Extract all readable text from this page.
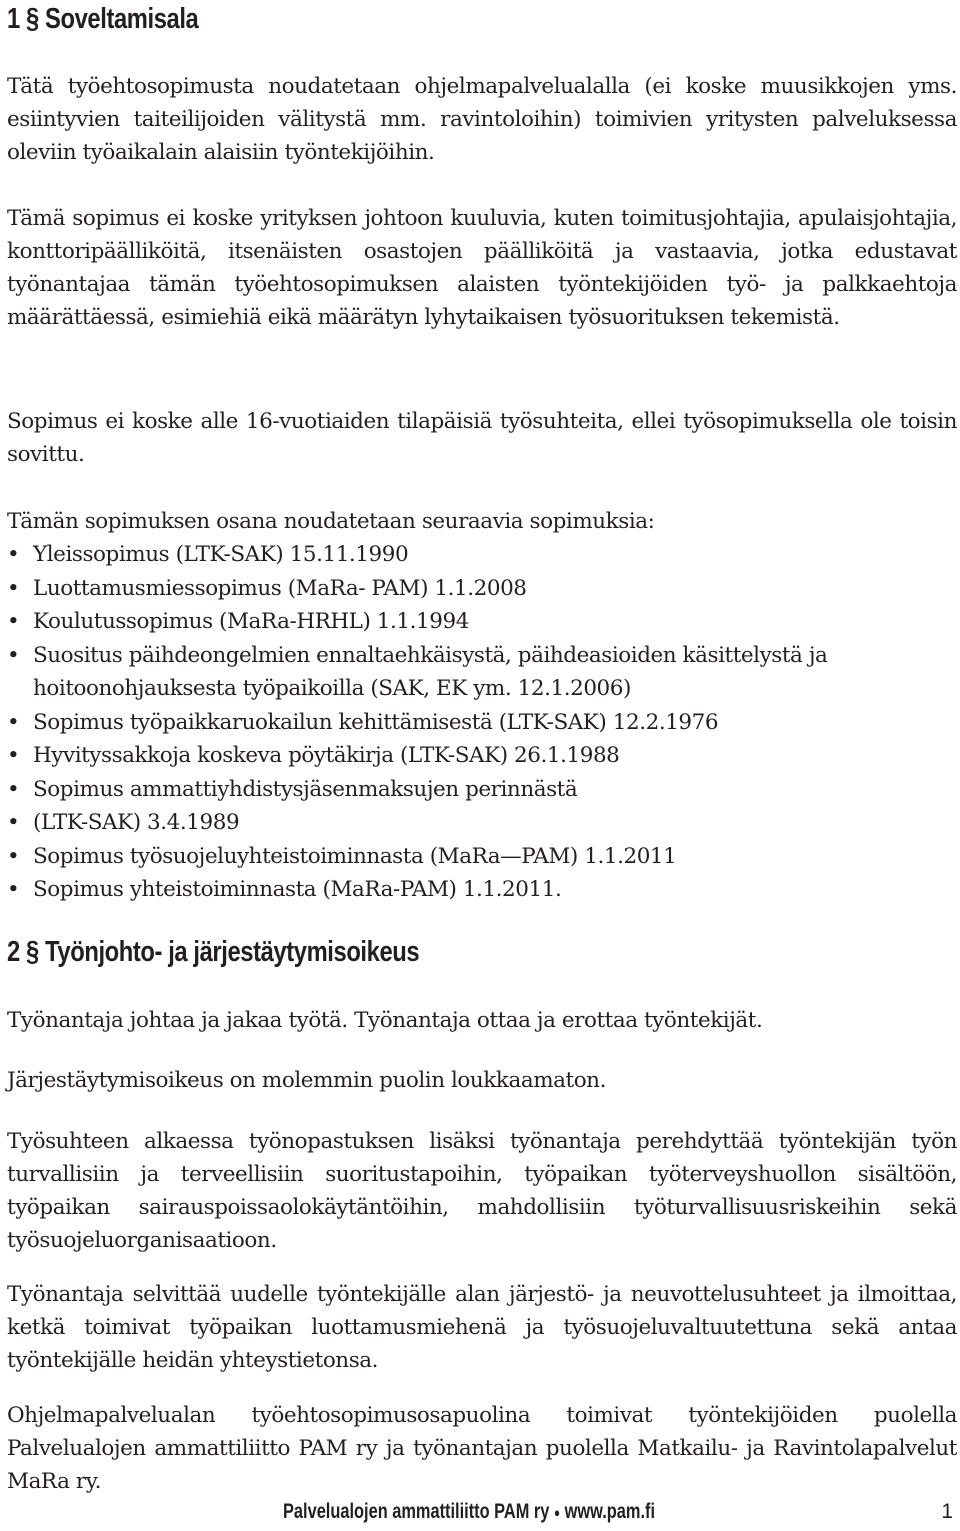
1 § Soveltamisala

Tätä työehtosopimusta noudatetaan ohjelmapalvelualalla (ei koske muusikkojen yms. esiintyvien taiteilijoiden välitystä mm. ravintoloihin) toimivien yritysten palveluksessa oleviin työaikalain alaisiin työntekijöihin.

Tämä sopimus ei koske yrityksen johtoon kuuluvia, kuten toimitusjohtajia, apulaisjohtajia, konttoripäälliköitä, itsenäisten osastojen päälliköitä ja vastaavia, jotka edustavat työnantajaa tämän työehtosopimuksen alaisten työntekijöiden työ- ja palkkaehtoja määrättäessä, esimiehiä eikä määrätyn lyhytaikaisen työsuorituksen tekemistä.

Sopimus ei koske alle 16-vuotiaiden tilapäisiä työsuhteita, ellei työsopimuksella ole toisin sovittu.

Tämän sopimuksen osana noudatetaan seuraavia sopimuksia:

• Yleissopimus (LTK-SAK) 15.11.1990
• Luottamusmiessopimus (MaRa- PAM) 1.1.2008
• Koulutussopimus (MaRa-HRHL) 1.1.1994
• Suositus päihdeongelmien ennaltaehkäisystä, päihdeasioiden käsittelystä ja hoitoonohjauksesta työpaikoilla (SAK, EK ym. 12.1.2006)
• Sopimus työpaikkaruokailun kehittämisestä (LTK-SAK) 12.2.1976
• Hyvityssakkoja koskeva pöytäkirja (LTK-SAK) 26.1.1988
• Sopimus ammattiyhdistysjäsenmaksujen perinnästä
• (LTK-SAK) 3.4.1989
• Sopimus työsuojeluyhteistoiminnasta (MaRa—PAM) 1.1.2011
• Sopimus yhteistoiminnasta (MaRa-PAM) 1.1.2011.
2 § Työnjohto- ja järjestäytymisoikeus

Työnantaja johtaa ja jakaa työtä. Työnantaja ottaa ja erottaa työntekijät.

Järjestäytymisoikeus on molemmin puolin loukkaamaton.

Työsuhteen alkaessa työnopastuksen lisäksi työnantaja perehdyttää työntekijän työn turvallisiin ja terveellisiin suoritustapoihin, työpaikan työterveyshuollon sisältöön, työpaikan sairauspoissaolokäytäntöihin, mahdollisiin työturvallisuusriskeihin sekä työsuojeluorganisaatioon.

Työnantaja selvittää uudelle työntekijälle alan järjestö- ja neuvottelusuhteet ja ilmoittaa, ketkä toimivat työpaikan luottamusmiehenä ja työsuojeluvaltuutettuna sekä antaa työntekijälle heidän yhteystietonsa.

Ohjelmapalvelualan työehtosopimusosapuolina toimivat työntekijöiden puolella Palvelualojen ammattiliitto PAM ry ja työnantajan puolella Matkailu- ja Ravintolapalvelut MaRa ry.

Palvelualojen ammattiliitto PAM ry ● www.pam.fi	1
